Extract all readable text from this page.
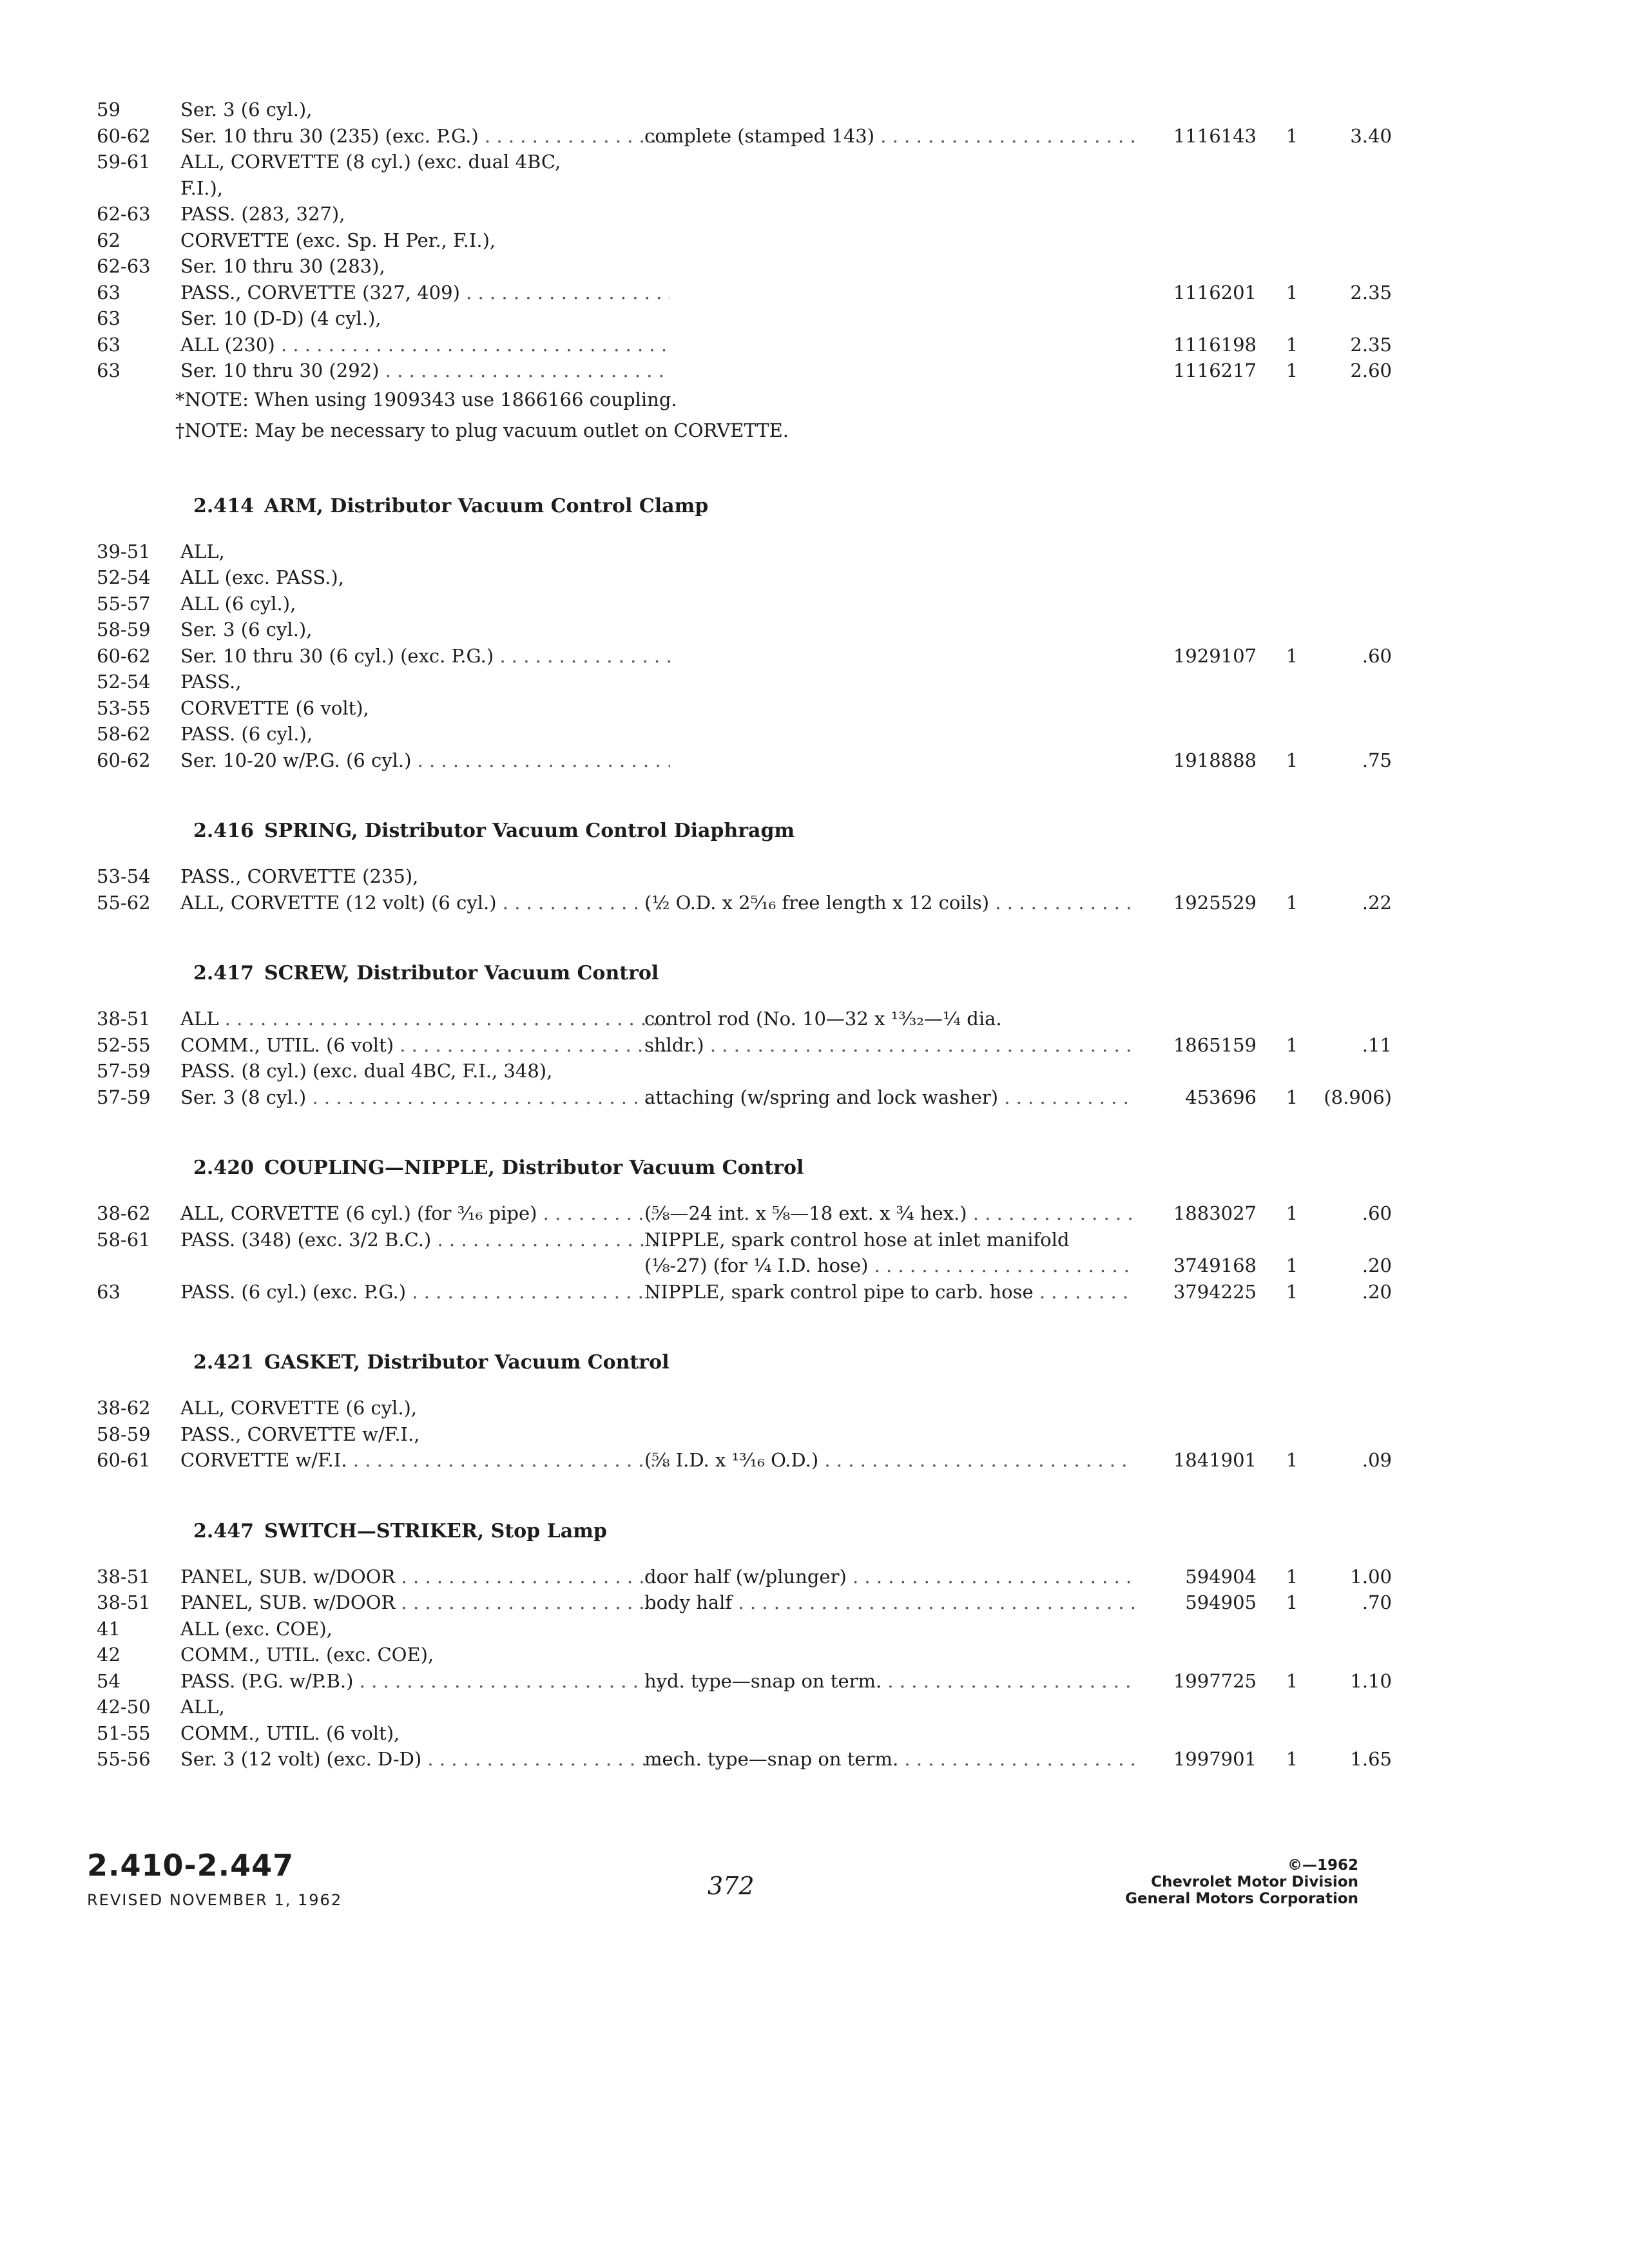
59	Ser. 3 (6 cyl.),
60-62 Ser. 10 thru 30 (235) (exc. P.G.) . . .	complete (stamped 143) . . .	1116143 1	3.40
59-61 ALL, CORVETTE (8 cyl.) (exc. dual 4BC,
F.I.),
62-63 PASS. (283, 327),
62	CORVETTE (exc. Sp. H Per., F.I.),
62-63 Ser. 10 thru 30 (283),
63	PASS., CORVETTE (327, 409) . . .	1116201 1	2.35
63	Ser. 10 (D-D) (4 cyl.),
63	ALL (230) . . .	1116198 1	2.35
63	Ser. 10 thru 30 (292) . . .	1116217 1	2.60
*NOTE: When using 1909343 use 1866166 coupling.
†NOTE: May be necessary to plug vacuum outlet on CORVETTE.
2.414 ARM, Distributor Vacuum Control Clamp
39-51 ALL,
52-54 ALL (exc. PASS.),
55-57 ALL (6 cyl.),
58-59 Ser. 3 (6 cyl.),
60-62 Ser. 10 thru 30 (6 cyl.) (exc. P.G.) . . .	1929107 1	.60
52-54 PASS.,
53-55 CORVETTE (6 volt),
58-62 PASS. (6 cyl.),
60-62 Ser. 10-20 w/P.G. (6 cyl.) . . .	1918888 1	.75
2.416 SPRING, Distributor Vacuum Control Diaphragm
53-54 PASS., CORVETTE (235),
55-62 ALL, CORVETTE (12 volt) (6 cyl.) . . .	(½ O.D. x 2⁵⁄₁₆ free length x 12 coils) . . .	1925529 1	.22
2.417 SCREW, Distributor Vacuum Control
38-51 ALL . . .	control rod (No. 10—32 x ¹³⁄₃₂—¼ dia.
52-55 COMM., UTIL. (6 volt) . . .	shldr.) . . .	1865159 1	.11
57-59 PASS. (8 cyl.) (exc. dual 4BC, F.I., 348),
57-59 Ser. 3 (8 cyl.) . . .	attaching (w/spring and lock washer) . . .	453696 1	(8.906)
2.420 COUPLING—NIPPLE, Distributor Vacuum Control
38-62 ALL, CORVETTE (6 cyl.) (for ³⁄₁₆ pipe) . . .	(⁵⁄₈—24 int. x ⁵⁄₈—18 ext. x ¾ hex.) . . .	1883027 1	.60
58-61 PASS. (348) (exc. 3/2 B.C.) . . .	NIPPLE, spark control hose at inlet manifold
(⅛-27) (for ¼ I.D. hose) . . .	3749168 1	.20
63	PASS. (6 cyl.) (exc. P.G.) . . .	NIPPLE, spark control pipe to carb. hose . . .	3794225 1	.20
2.421 GASKET, Distributor Vacuum Control
38-62 ALL, CORVETTE (6 cyl.),
58-59 PASS., CORVETTE w/F.I.,
60-61 CORVETTE w/F.I. . . .	(⅝ I.D. x ¹³⁄₁₆ O.D.) . . .	1841901 1	.09
2.447 SWITCH—STRIKER, Stop Lamp
38-51 PANEL, SUB. w/DOOR . . .	door half (w/plunger) . . .	594904 1	1.00
38-51 PANEL, SUB. w/DOOR . . .	body half . . .	594905 1	.70
41	ALL (exc. COE),
42	COMM., UTIL. (exc. COE),
54	PASS. (P.G. w/P.B.) . . .	hyd. type—snap on term. . . .	1997725 1	1.10
42-50 ALL,
51-55 COMM., UTIL. (6 volt),
55-56 Ser. 3 (12 volt) (exc. D-D) . . .	mech. type—snap on term. . . .	1997901 1	1.65
2.410-2.447
REVISED NOVEMBER 1, 1962	372
©—1962
Chevrolet Motor Division
General Motors Corporation
